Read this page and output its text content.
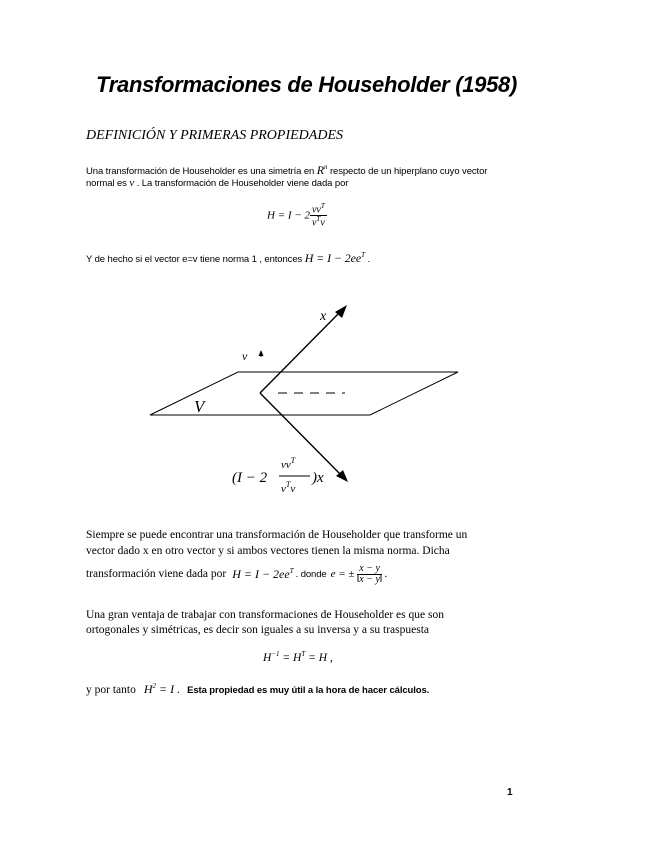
Transformaciones de Householder (1958)
DEFINICIÓN Y PRIMERAS PROPIEDADES
Una transformación de Householder es una simetría en $R^n$ respecto de un hiperplano cuyo vector
normal es v . La transformación de Householder viene dada por
$H = I - 2 \frac{vv^T}{v^Tv}$
Y de hecho si el vector e=v tiene norma 1 , entonces $H = I - 2ee^T$ .
x
v
V
(I − 2
$vv^T$
$v^Tv$
)x
Siempre se puede encontrar una transformación de Householder que transforme un
vector dado x en otro vector y si ambos vectores tienen la misma norma. Dicha
transformación viene dada por $H = I - 2ee^T$ . donde e = ± $\frac{x - y}{‖x - y‖}$ .
Una gran ventaja de trabajar con transformaciones de Householder es que son
ortogonales y simétricas, es decir son iguales a su inversa y a su traspuesta
$H^{-1} = H^T = H$ ,
y por tanto $H^2 = I$ . Esta propiedad es muy útil a la hora de hacer cálculos.
1
